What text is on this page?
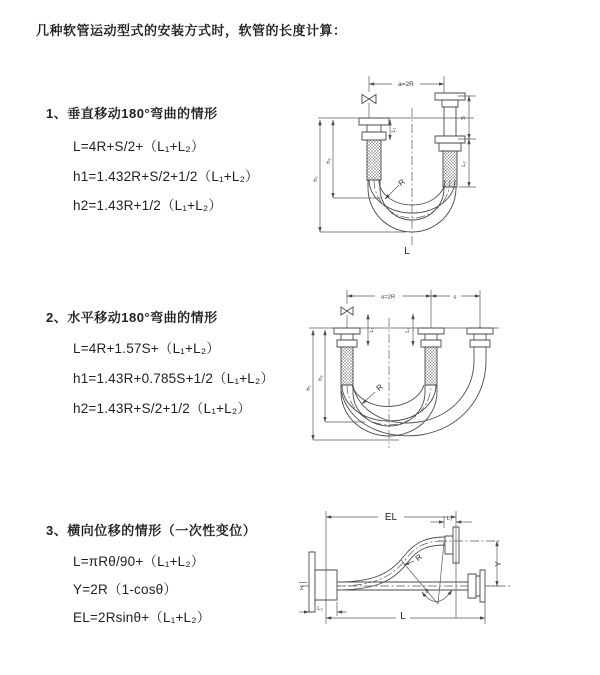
几种软管运动型式的安装方式时，软管的长度计算：
1、垂直移动180°弯曲的情形
L=4R+S/2+（L₁+L₂）
h1=1.432R+S/2+1/2（L₁+L₂）
h2=1.43R+1/2（L₁+L₂）
2、水平移动180°弯曲的情形
L=4R+1.57S+（L₁+L₂）
h1=1.43R+0.785S+1/2（L₁+L₂）
h2=1.43R+S/2+1/2（L₁+L₂）
3、横向位移的情形（一次性变位）
L=πRθ/90+（L₁+L₂）
Y=2R（1-cosθ）
EL=2Rsinθ+（L₁+L₂）
a=2R
h₁
h₂
L₁
S
L₂
R
L
a=2R	s
h₁
h₂
L₁	L₂
R
Z
EL	L₁
Y
R
θ
L
L₂
